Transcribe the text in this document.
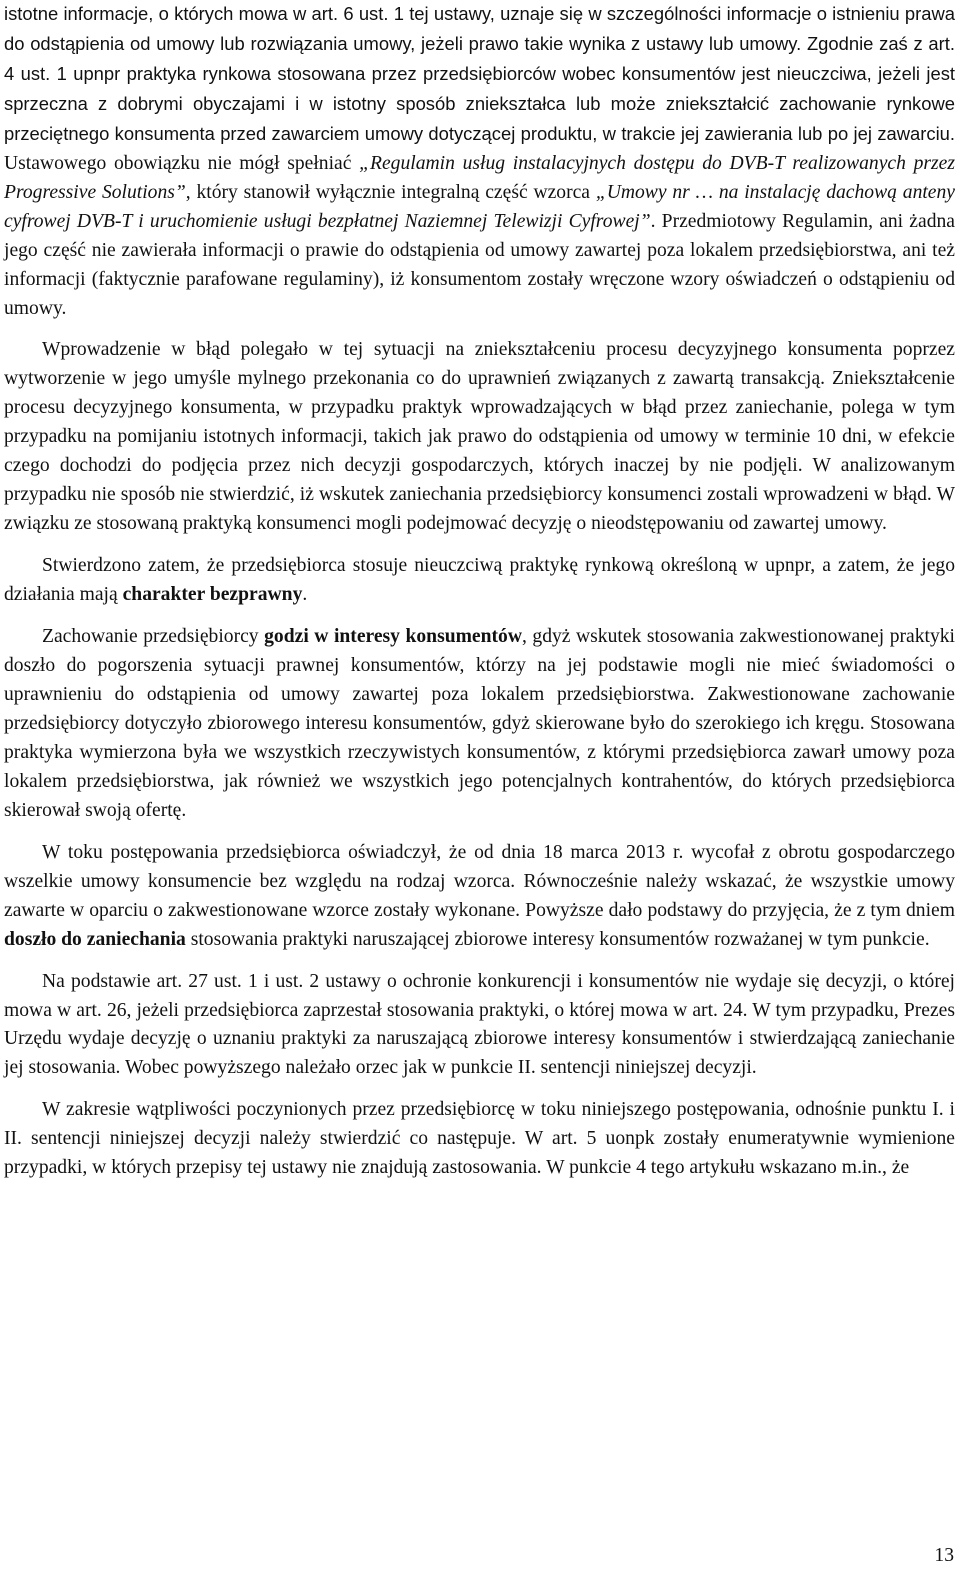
istotne informacje, o których mowa w art. 6 ust. 1 tej ustawy, uznaje się w szczególności informacje o istnieniu prawa do odstąpienia od umowy lub rozwiązania umowy, jeżeli prawo takie wynika z ustawy lub umowy. Zgodnie zaś z art. 4 ust. 1 upnpr praktyka rynkowa stosowana przez przedsiębiorców wobec konsumentów jest nieuczciwa, jeżeli jest sprzeczna z dobrymi obyczajami i w istotny sposób zniekształca lub może zniekształcić zachowanie rynkowe przeciętnego konsumenta przed zawarciem umowy dotyczącej produktu, w trakcie jej zawierania lub po jej zawarciu. Ustawowego obowiązku nie mógł spełniać „Regulamin usług instalacyjnych dostępu do DVB-T realizowanych przez Progressive Solutions”, który stanowił wyłącznie integralną część wzorca „Umowy nr … na instalację dachową anteny cyfrowej DVB-T i uruchomienie usługi bezpłatnej Naziemnej Telewizji Cyfrowej”. Przedmiotowy Regulamin, ani żadna jego część nie zawierała informacji o prawie do odstąpienia od umowy zawartej poza lokalem przedsiębiorstwa, ani też informacji (faktycznie parafowane regulaminy), iż konsumentom zostały wręczone wzory oświadczeń o odstąpieniu od umowy.

Wprowadzenie w błąd polegało w tej sytuacji na zniekształceniu procesu decyzyjnego konsumenta poprzez wytworzenie w jego umyśle mylnego przekonania co do uprawnień związanych z zawartą transakcją. Zniekształcenie procesu decyzyjnego konsumenta, w przypadku praktyk wprowadzających w błąd przez zaniechanie, polega w tym przypadku na pomijaniu istotnych informacji, takich jak prawo do odstąpienia od umowy w terminie 10 dni, w efekcie czego dochodzi do podjęcia przez nich decyzji gospodarczych, których inaczej by nie podjęli. W analizowanym przypadku nie sposób nie stwierdzić, iż wskutek zaniechania przedsiębiorcy konsumenci zostali wprowadzeni w błąd. W związku ze stosowaną praktyką konsumenci mogli podejmować decyzję o nieodstępowaniu od zawartej umowy.

Stwierdzono zatem, że przedsiębiorca stosuje nieuczciwą praktykę rynkową określoną w upnpr, a zatem, że jego działania mają charakter bezprawny.

Zachowanie przedsiębiorcy godzi w interesy konsumentów, gdyż wskutek stosowania zakwestionowanej praktyki doszło do pogorszenia sytuacji prawnej konsumentów, którzy na jej podstawie mogli nie mieć świadomości o uprawnieniu do odstąpienia od umowy zawartej poza lokalem przedsiębiorstwa. Zakwestionowane zachowanie przedsiębiorcy dotyczyło zbiorowego interesu konsumentów, gdyż skierowane było do szerokiego ich kręgu. Stosowana praktyka wymierzona była we wszystkich rzeczywistych konsumentów, z którymi przedsiębiorca zawarł umowy poza lokalem przedsiębiorstwa, jak również we wszystkich jego potencjalnych kontrahentów, do których przedsiębiorca skierował swoją ofertę.

W toku postępowania przedsiębiorca oświadczył, że od dnia 18 marca 2013 r. wycofał z obrotu gospodarczego wszelkie umowy konsumencie bez względu na rodzaj wzorca. Równocześnie należy wskazać, że wszystkie umowy zawarte w oparciu o zakwestionowane wzorce zostały wykonane. Powyższe dało podstawy do przyjęcia, że z tym dniem doszło do zaniechania stosowania praktyki naruszającej zbiorowe interesy konsumentów rozważanej w tym punkcie.

Na podstawie art. 27 ust. 1 i ust. 2 ustawy o ochronie konkurencji i konsumentów nie wydaje się decyzji, o której mowa w art. 26, jeżeli przedsiębiorca zaprzestał stosowania praktyki, o której mowa w art. 24. W tym przypadku, Prezes Urzędu wydaje decyzję o uznaniu praktyki za naruszającą zbiorowe interesy konsumentów i stwierdzającą zaniechanie jej stosowania. Wobec powyższego należało orzec jak w punkcie II. sentencji niniejszej decyzji.

W zakresie wątpliwości poczynionych przez przedsiębiorcę w toku niniejszego postępowania, odnośnie punktu I. i II. sentencji niniejszej decyzji należy stwierdzić co następuje. W art. 5 uonpk zostały enumeratywnie wymienione przypadki, w których przepisy tej ustawy nie znajdują zastosowania. W punkcie 4 tego artykułu wskazano m.in., że

13
